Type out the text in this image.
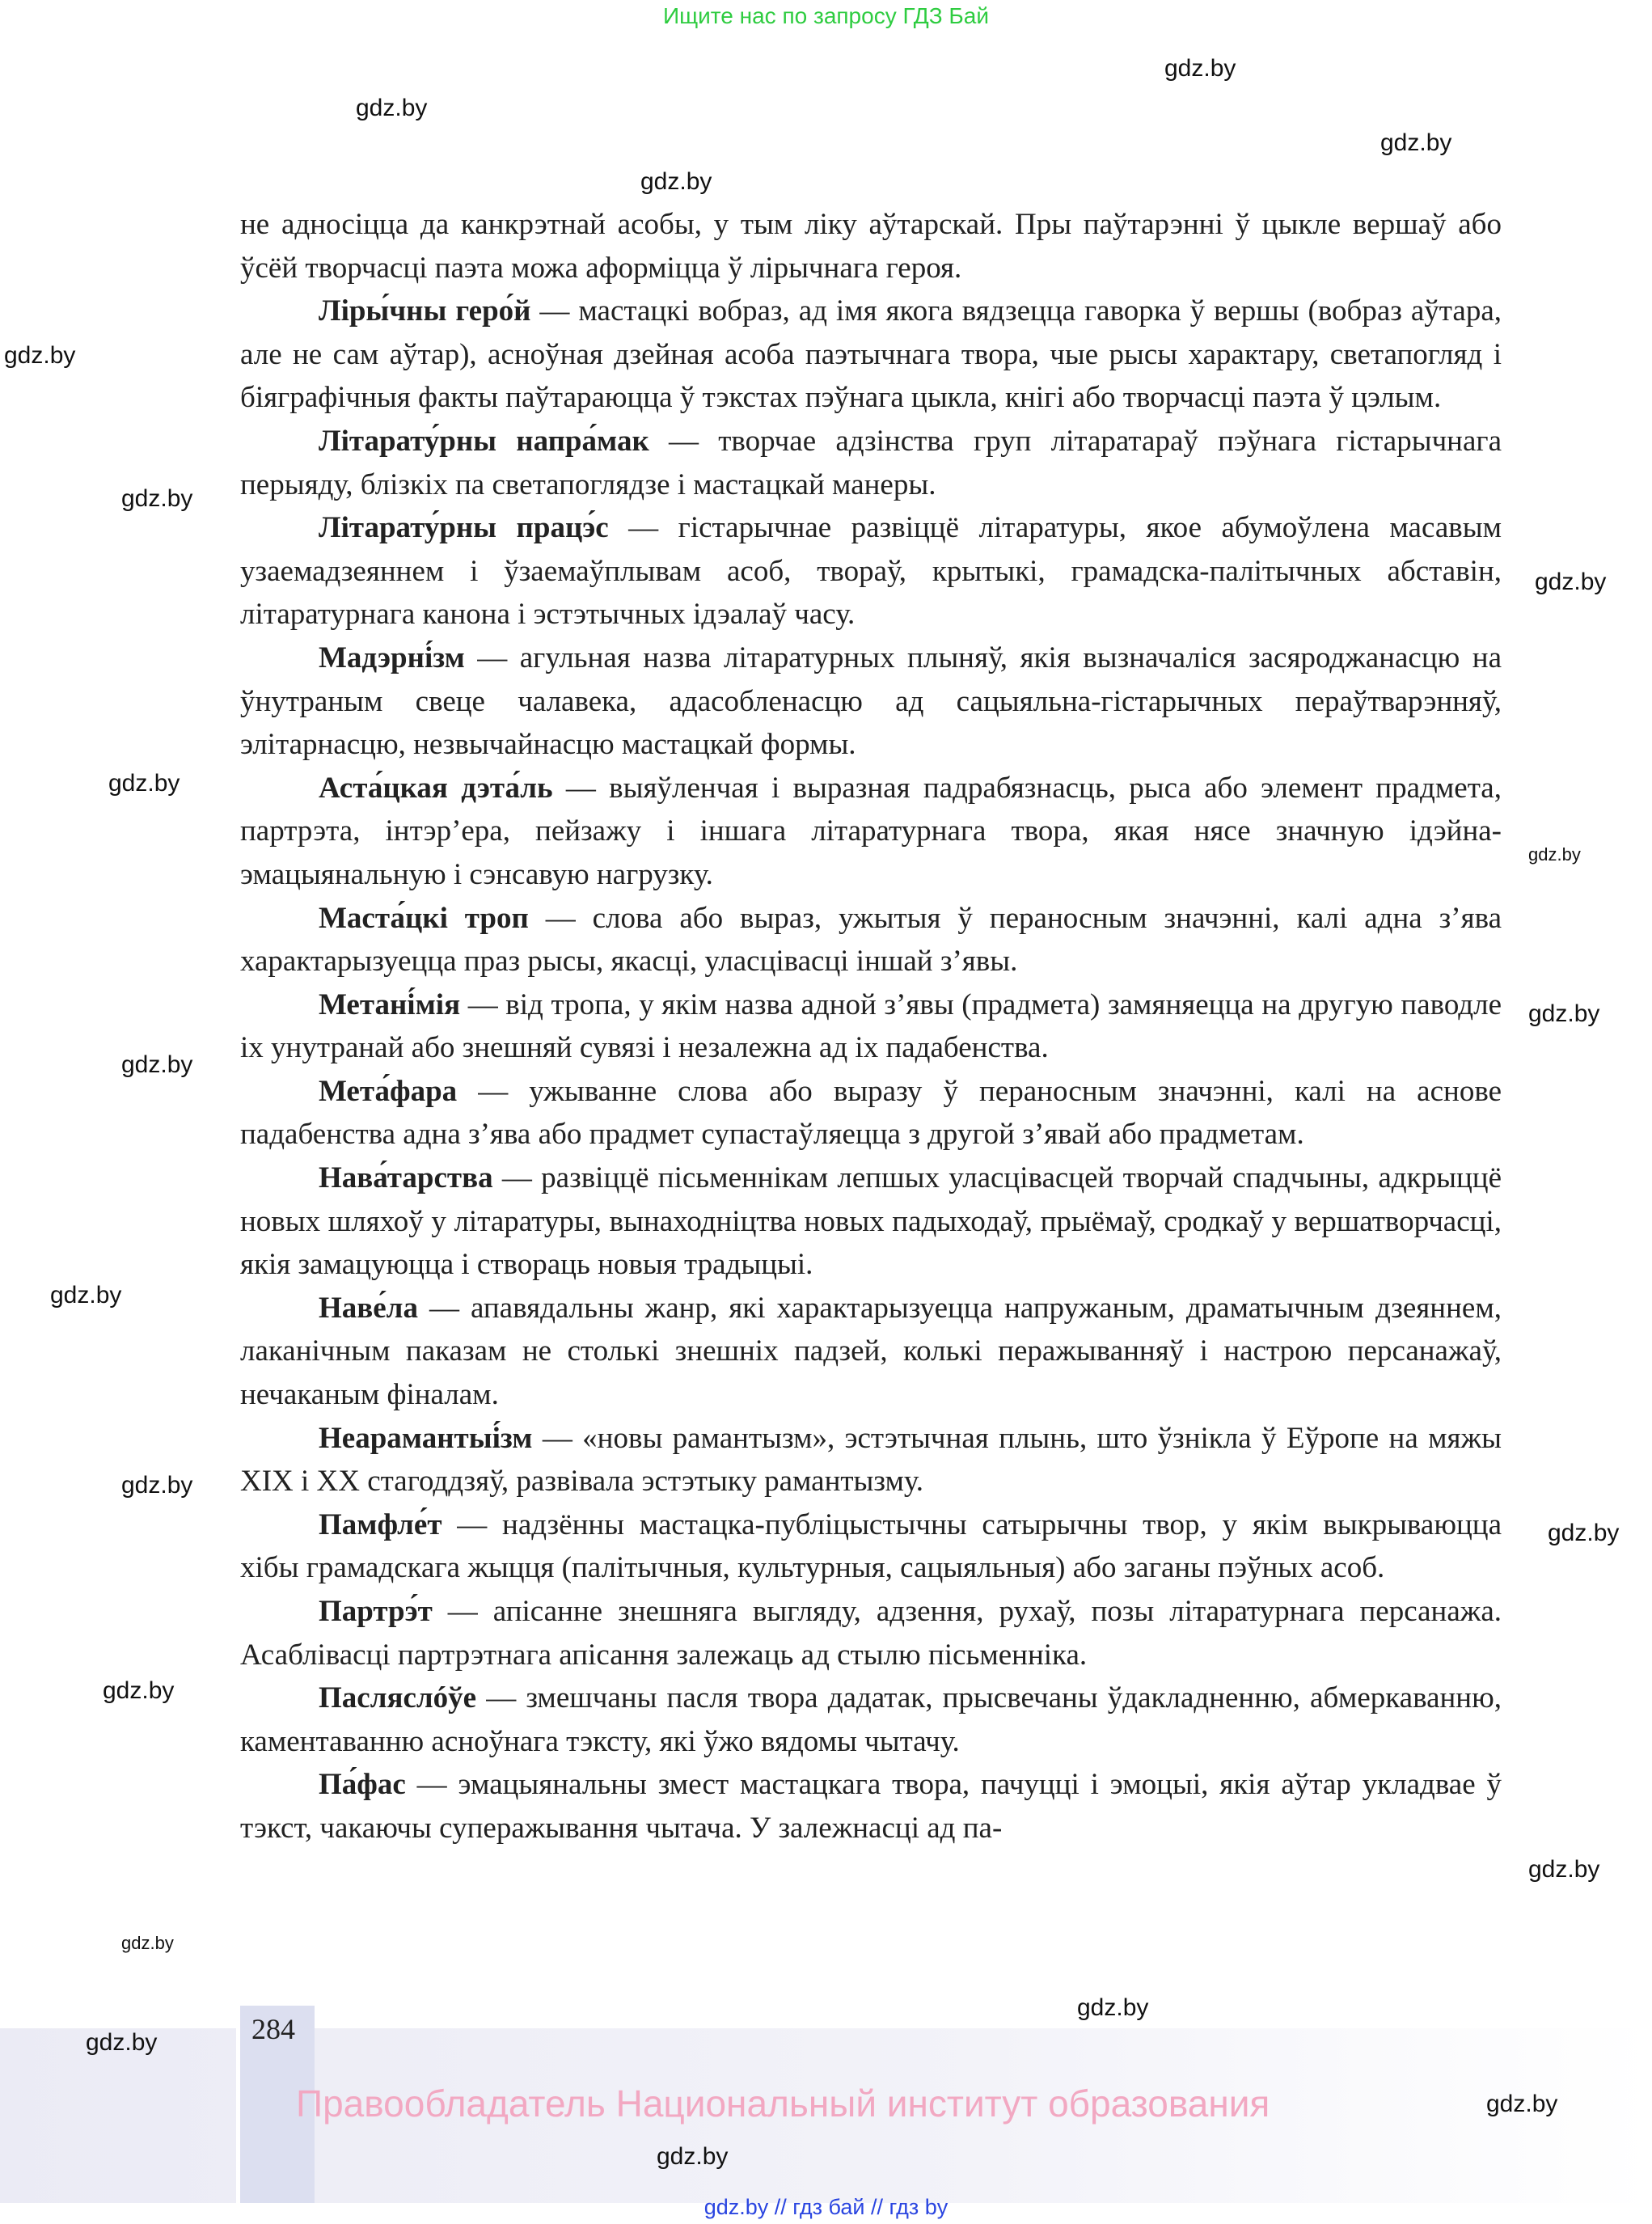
Ищите нас по запросу ГДЗ Бай

не адносіцца да канкрэтнай асобы, у тым ліку аўтарскай. Пры паўтарэнні ў цыкле вершаў або ўсёй творчасці паэта можа аформіцца ў лірычнага героя.

Лiры́чны геро́й — мастацкі вобраз, ад імя якога вядзецца гаворка ў вершы (вобраз аўтара, але не сам аўтар), асноўная дзейная асоба паэтычнага твора, чые рысы характару, светапогляд і біяграфічныя факты паўтараюцца ў тэкстах пэўнага цыкла, кнігі або творчасці паэта ў цэлым.

Літарату́рны напра́мак — творчае адзінства груп літаратараў пэўнага гістарычнага перыяду, блізкіх па светапоглядзе і мастацкай манеры.

Літарату́рны працэ́с — гістарычнае развіццё літаратуры, якое абумоўлена масавым узаемадзеяннем і ўзаемаўплывам асоб, твораў, крытыкі, грамадска-палітычных абставін, літаратурнага канона і эстэтычных ідэалаў часу.

Мадэрні́зм — агульная назва літаратурных плыняў, якія вызначаліся засяроджанасцю на ўнутраным свеце чалавека, адасобленасцю ад сацыяльна-гістарычных пераўтварэнняў, элітарнасцю, незвычайнасцю мастацкай формы.

Аста́цкая дэта́ль — выяўленчая і выразная падрабязнасць, рыса або элемент прадмета, партрэта, інтэр’ера, пейзажу і іншага літаратурнага твора, якая нясе значную ідэйна-эмацыянальную і сэнсавую нагрузку.

Маста́цкі троп — слова або выраз, ужытыя ў пераносным значэнні, калі адна з’ява характарызуецца праз рысы, якасці, уласцівасці іншай з’явы.

Метані́мія — від тропа, у якім назва адной з’явы (прадмета) замяняецца на другую паводле іх унутранай або знешняй сувязі і незалежна ад іх падабенства.

Мета́фара — ужыванне слова або выразу ў пераносным значэнні, калі на аснове падабенства адна з’ява або прадмет супастаўляецца з другой з’явай або прадметам.

Нава́тарства — развіццё пісьменнікам лепшых уласцівасцей творчай спадчыны, адкрыццё новых шляхоў у літаратуры, вынаходніцтва новых падыходаў, прыёмаў, сродкаў у вершатворчасці, якія замацуюцца і створаць новыя традыцыі.

Наве́ла — апавядальны жанр, які характарызуецца напружаным, драматычным дзеяннем, лаканічным паказам не столькі знешніх падзей, колькі перажыванняў і настрою персанажаў, нечаканым фіналам.

Неарамантыі́зм — «новы рамантызм», эстэтычная плынь, што ўзнікла ў Еўропе на мяжы XIX і XX стагоддзяў, развівала эстэтыку рамантызму.

Памфле́т — надзённы мастацка-публіцыстычны сатырычны твор, у якім выкрываюцца хібы грамадскага жыцця (палітычныя, культурныя, сацыяльныя) або заганы пэўных асоб.

Партрэ́т — апісанне знешняга выгляду, адзення, рухаў, позы літаратурнага персанажа. Асаблівасці партрэтнага апісання залежаць ад стылю пісьменніка.

Пасляслóўе — змешчаны пасля твора дадатак, прысвечаны ўдакладненню, абмеркаванню, каментаванню асноўнага тэксту, які ўжо вядомы чытачу.

Па́фас — эмацыянальны змест мастацкага твора, пачуцці і эмоцыі, якія аўтар укладвае ў тэкст, чакаючы суперажывання чытача. У залежнасці ад па-

284
Правообладатель Национальный институт образования
gdz.by // гдз бай // гдз by
gdz.by
gdz.by
gdz.by
gdz.by
gdz.by
gdz.by
gdz.by
gdz.by
gdz.by
gdz.by
gdz.by
gdz.by
gdz.by
gdz.by
gdz.by
gdz.by
gdz.by
gdz.by
gdz.by
gdz.by
gdz.by
